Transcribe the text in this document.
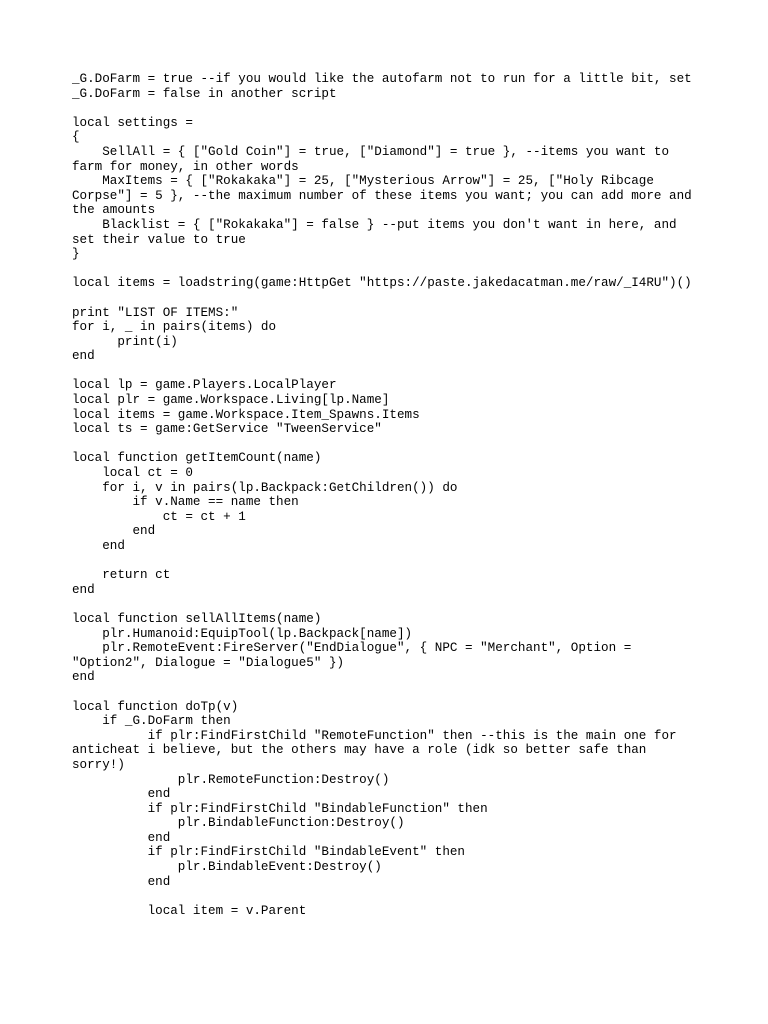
_G.DoFarm = true --if you would like the autofarm not to run for a little bit, set
_G.DoFarm = false in another script
local settings =
{
SellAll = { ["Gold Coin"] = true, ["Diamond"] = true }, --items you want to
farm for money, in other words
MaxItems = { ["Rokakaka"] = 25, ["Mysterious Arrow"] = 25, ["Holy Ribcage
Corpse"] = 5 }, --the maximum number of these items you want; you can add more and
the amounts
Blacklist = { ["Rokakaka"] = false } --put items you don't want in here, and
set their value to true
}
local items = loadstring(game:HttpGet "https://paste.jakedacatman.me/raw/_I4RU")()
print "LIST OF ITEMS:"
for i, _ in pairs(items) do
print(i)
end
local lp = game.Players.LocalPlayer
local plr = game.Workspace.Living[lp.Name]
local items = game.Workspace.Item_Spawns.Items
local ts = game:GetService "TweenService"
local function getItemCount(name)
local ct = 0
for i, v in pairs(lp.Backpack:GetChildren()) do
if v.Name == name then
ct = ct + 1
end
end
return ct
end
local function sellAllItems(name)
plr.Humanoid:EquipTool(lp.Backpack[name])
plr.RemoteEvent:FireServer("EndDialogue", { NPC = "Merchant", Option =
"Option2", Dialogue = "Dialogue5" })
end
local function doTp(v)
if _G.DoFarm then
if plr:FindFirstChild "RemoteFunction" then --this is the main one for
anticheat i believe, but the others may have a role (idk so better safe than
sorry!)
plr.RemoteFunction:Destroy()
end
if plr:FindFirstChild "BindableFunction" then
plr.BindableFunction:Destroy()
end
if plr:FindFirstChild "BindableEvent" then
plr.BindableEvent:Destroy()
end
local item = v.Parent
